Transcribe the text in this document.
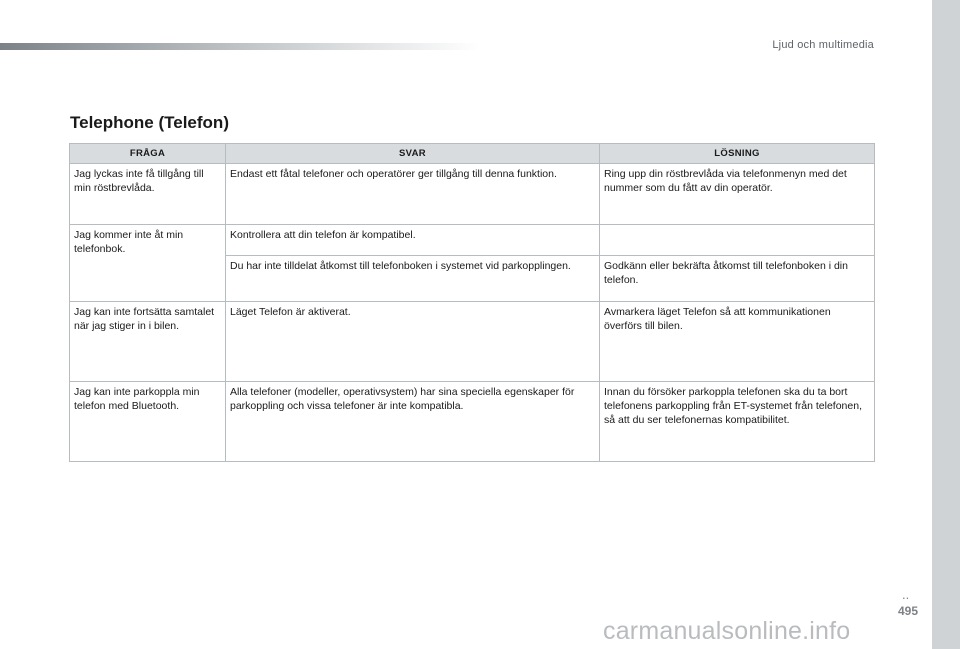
Ljud och multimedia
Telephone (Telefon)
FRÅGA	SVAR	LÖSNING
Jag lyckas inte få tillgång till min röstbrevlåda.	Endast ett fåtal telefoner och operatörer ger tillgång till denna funktion.	Ring upp din röstbrevlåda via telefonmenyn med det nummer som du fått av din operatör.
Jag kommer inte åt min telefonbok.	Kontrollera att din telefon är kompatibel.	
	Du har inte tilldelat åtkomst till telefonboken i systemet vid parkopplingen.	Godkänn eller bekräfta åtkomst till telefonboken i din telefon.
Jag kan inte fortsätta samtalet när jag stiger in i bilen.	Läget Telefon är aktiverat.	Avmarkera läget Telefon så att kommunikationen överförs till bilen.
Jag kan inte parkoppla min telefon med Bluetooth.	Alla telefoner (modeller, operativsystem) har sina speciella egenskaper för parkoppling och vissa telefoner är inte kompatibla.	Innan du försöker parkoppla telefonen ska du ta bort telefonens parkoppling från ET-systemet från telefonen, så att du ser telefonernas kompatibilitet.
..
495
carmanualsonline.info
